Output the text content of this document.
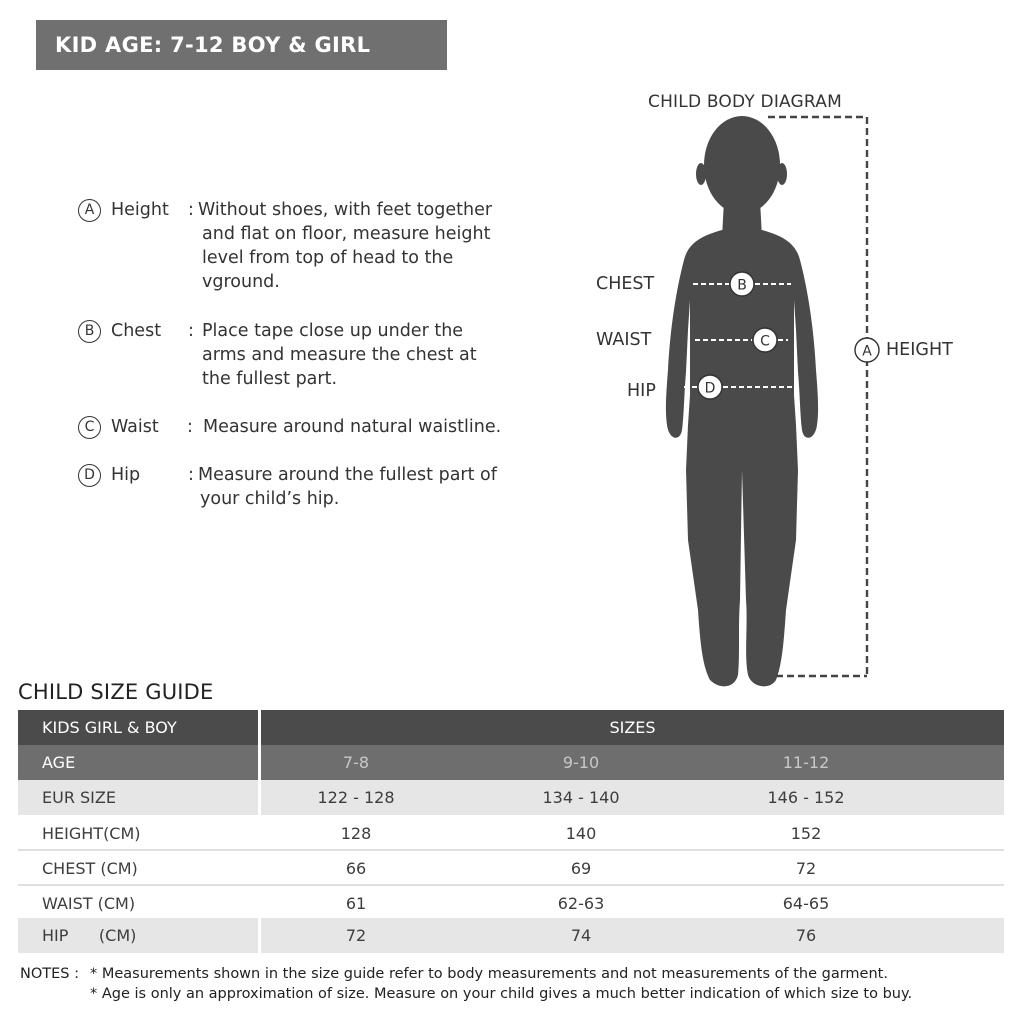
KID AGE: 7-12 BOY & GIRL
A Height : Without shoes, with feet together
and flat on floor, measure height
level from top of head to the
vground.
B Chest : Place tape close up under the
arms and measure the chest at
the fullest part.
C Waist : Measure around natural waistline.
D Hip	: Measure around the fullest part of
your child’s hip.
CHILD BODY DIAGRAM
B
C
D
A
CHEST
WAIST
HIP
HEIGHT
CHILD SIZE GUIDE
KIDS GIRL & BOY	SIZES
AGE	7-8	9-10	11-12
EUR SIZE	122 - 128	134 - 140	146 - 152
HEIGHT(CM)	128	140	152
CHEST (CM)	66	69	72
WAIST (CM)	61	62-63	64-65
HIP      (CM)	72	74	76
NOTES : * Measurements shown in the size guide refer to body measurements and not measurements of the garment.
* Age is only an approximation of size. Measure on your child gives a much better indication of which size to buy.
